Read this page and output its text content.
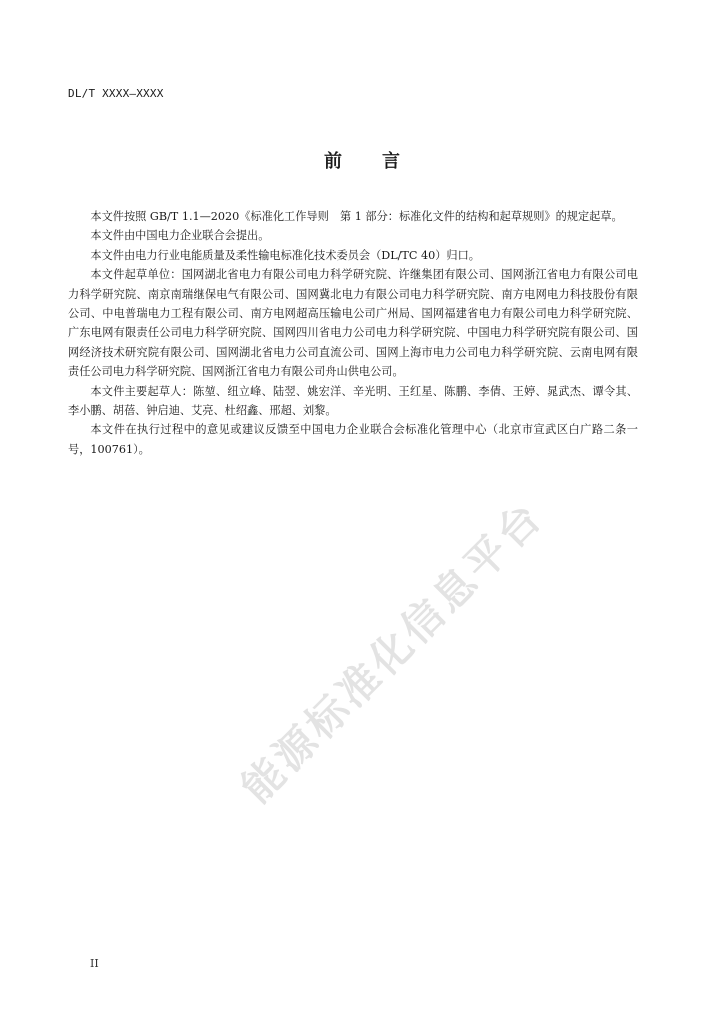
DL/T XXXX—XXXX
前言

本文件按照 GB/T 1.1—2020《标准化工作导则　第 1 部分：标准化文件的结构和起草规则》的规定起草。

本文件由中国电力企业联合会提出。

本文件由电力行业电能质量及柔性输电标准化技术委员会（DL/TC 40）归口。

本文件起草单位：国网湖北省电力有限公司电力科学研究院、许继集团有限公司、国网浙江省电力有限公司电力科学研究院、南京南瑞继保电气有限公司、国网冀北电力有限公司电力科学研究院、南方电网电力科技股份有限公司、中电普瑞电力工程有限公司、南方电网超高压输电公司广州局、国网福建省电力有限公司电力科学研究院、广东电网有限责任公司电力科学研究院、国网四川省电力公司电力科学研究院、中国电力科学研究院有限公司、国网经济技术研究院有限公司、国网湖北省电力公司直流公司、国网上海市电力公司电力科学研究院、云南电网有限责任公司电力科学研究院、国网浙江省电力有限公司舟山供电公司。

本文件主要起草人：陈堃、纽立峰、陆翌、姚宏洋、辛光明、王红星、陈鹏、李倩、王婷、晁武杰、谭令其、李小鹏、胡蓓、钟启迪、艾亮、杜绍鑫、邢超、刘黎。

本文件在执行过程中的意见或建议反馈至中国电力企业联合会标准化管理中心（北京市宣武区白广路二条一号，100761）。

能源标准化信息平台
II
